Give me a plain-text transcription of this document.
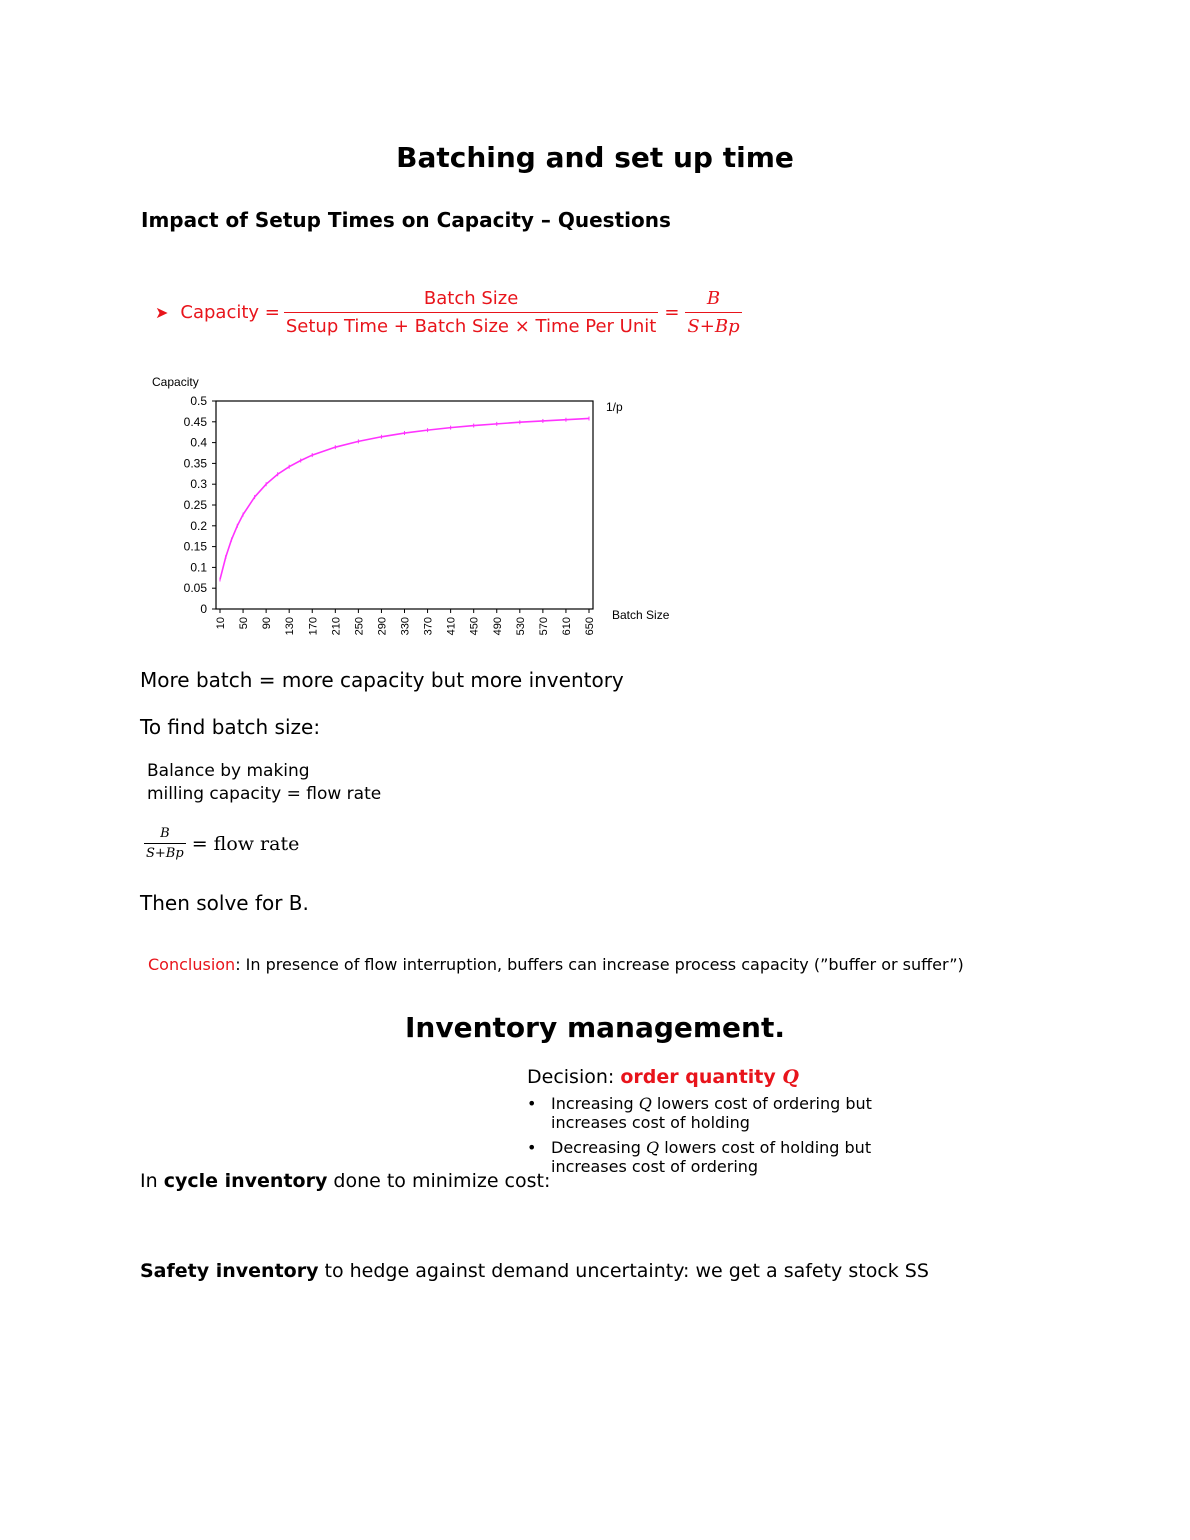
Batching and set up time
Impact of Setup Times on Capacity – Questions
➤ Capacity = $\frac{\text{Batch Size}}{\text{Setup Time + Batch Size × Time Per Unit}} = \frac{B}{S+Bp}$
Capacity
Batch Size
1/p
0
0.05
0.1
0.15
0.2
0.25
0.3
0.35
0.4
0.45
0.5
10 50 90 130 170 210 250 290 330 370 410 450 490 530 570 610 650
More batch = more capacity but more inventory
To find batch size:
Balance by making
milling capacity = flow rate
$\frac{B}{S+Bp}$ = flow rate
Then solve for B.
Conclusion: In presence of flow interruption, buffers can increase process capacity (”buffer or suffer”)
Inventory management.
Decision: order quantity Q
• Increasing Q lowers cost of ordering but increases cost of holding
• Decreasing Q lowers cost of holding but increases cost of ordering
In cycle inventory done to minimize cost:
Safety inventory to hedge against demand uncertainty: we get a safety stock SS
